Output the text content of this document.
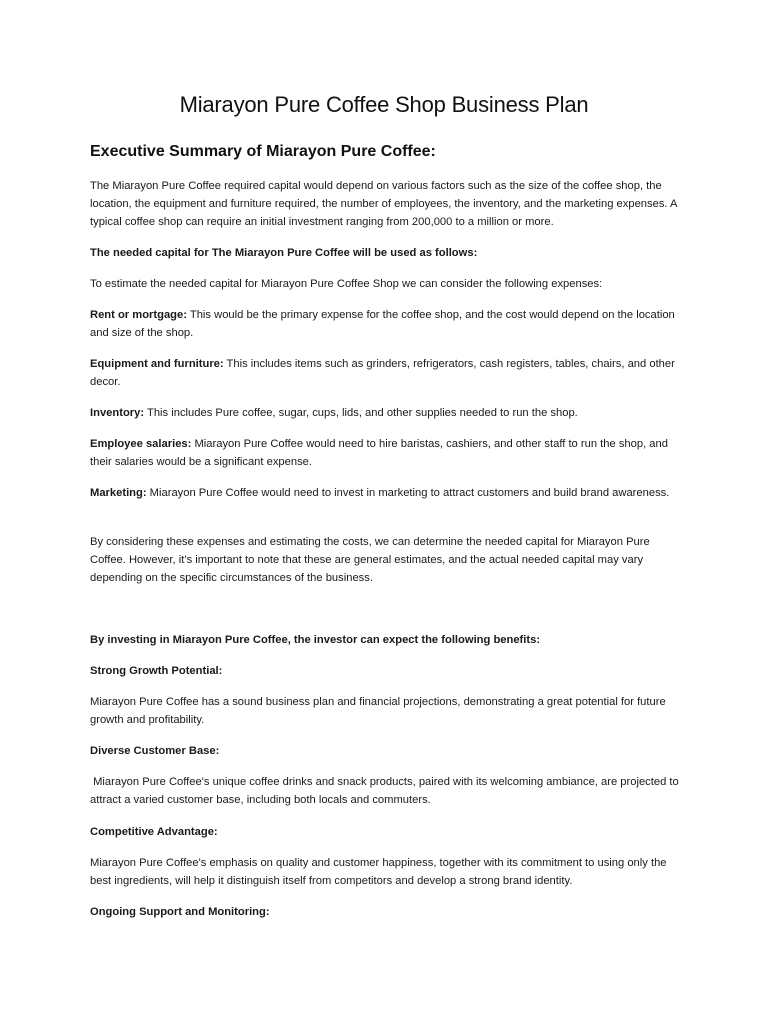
Miarayon Pure Coffee Shop Business Plan
Executive Summary of Miarayon Pure Coffee:

The Miarayon Pure Coffee required capital would depend on various factors such as the size of the coffee shop, the location, the equipment and furniture required, the number of employees, the inventory, and the marketing expenses. A typical coffee shop can require an initial investment ranging from 200,000 to a million or more.

The needed capital for The Miarayon Pure Coffee will be used as follows:

To estimate the needed capital for Miarayon Pure Coffee Shop we can consider the following expenses:

Rent or mortgage: This would be the primary expense for the coffee shop, and the cost would depend on the location and size of the shop.

Equipment and furniture: This includes items such as grinders, refrigerators, cash registers, tables, chairs, and other decor.

Inventory: This includes Pure coffee, sugar, cups, lids, and other supplies needed to run the shop.

Employee salaries: Miarayon Pure Coffee would need to hire baristas, cashiers, and other staff to run the shop, and their salaries would be a significant expense.

Marketing: Miarayon Pure Coffee would need to invest in marketing to attract customers and build brand awareness.

By considering these expenses and estimating the costs, we can determine the needed capital for Miarayon Pure Coffee. However, it’s important to note that these are general estimates, and the actual needed capital may vary depending on the specific circumstances of the business.

By investing in Miarayon Pure Coffee, the investor can expect the following benefits:

Strong Growth Potential:

Miarayon Pure Coffee has a sound business plan and financial projections, demonstrating a great potential for future growth and profitability.

Diverse Customer Base:

Miarayon Pure Coffee's unique coffee drinks and snack products, paired with its welcoming ambiance, are projected to attract a varied customer base, including both locals and commuters.

Competitive Advantage:

Miarayon Pure Coffee's emphasis on quality and customer happiness, together with its commitment to using only the best ingredients, will help it distinguish itself from competitors and develop a strong brand identity.

Ongoing Support and Monitoring:
